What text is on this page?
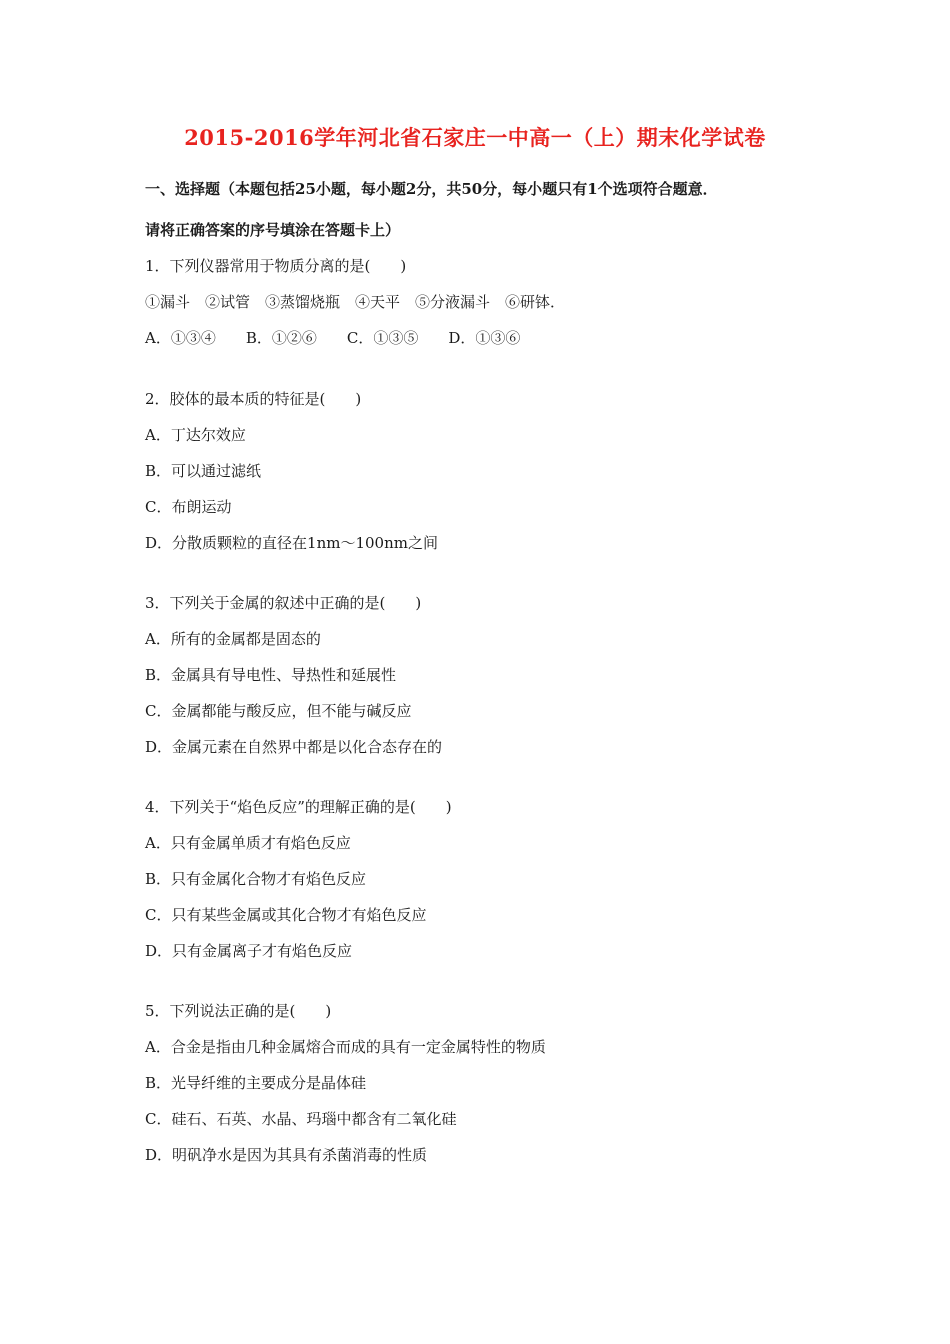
2015-2016学年河北省石家庄一中高一（上）期末化学试卷
一、选择题（本题包括25小题，每小题2分，共50分，每小题只有1个选项符合题意．
请将正确答案的序号填涂在答题卡上）
1．下列仪器常用于物质分离的是(　　)
①漏斗　②试管　③蒸馏烧瓶　④天平　⑤分液漏斗　⑥研钵．
A．①③④　　B．①②⑥　　C．①③⑤　　D．①③⑥
2．胶体的最本质的特征是(　　)
A．丁达尔效应
B．可以通过滤纸
C．布朗运动
D．分散质颗粒的直径在1nm～100nm之间
3．下列关于金属的叙述中正确的是(　　)
A．所有的金属都是固态的
B．金属具有导电性、导热性和延展性
C．金属都能与酸反应，但不能与碱反应
D．金属元素在自然界中都是以化合态存在的
4．下列关于“焰色反应”的理解正确的是(　　)
A．只有金属单质才有焰色反应
B．只有金属化合物才有焰色反应
C．只有某些金属或其化合物才有焰色反应
D．只有金属离子才有焰色反应
5．下列说法正确的是(　　)
A．合金是指由几种金属熔合而成的具有一定金属特性的物质
B．光导纤维的主要成分是晶体硅
C．硅石、石英、水晶、玛瑙中都含有二氧化硅
D．明矾净水是因为其具有杀菌消毒的性质
